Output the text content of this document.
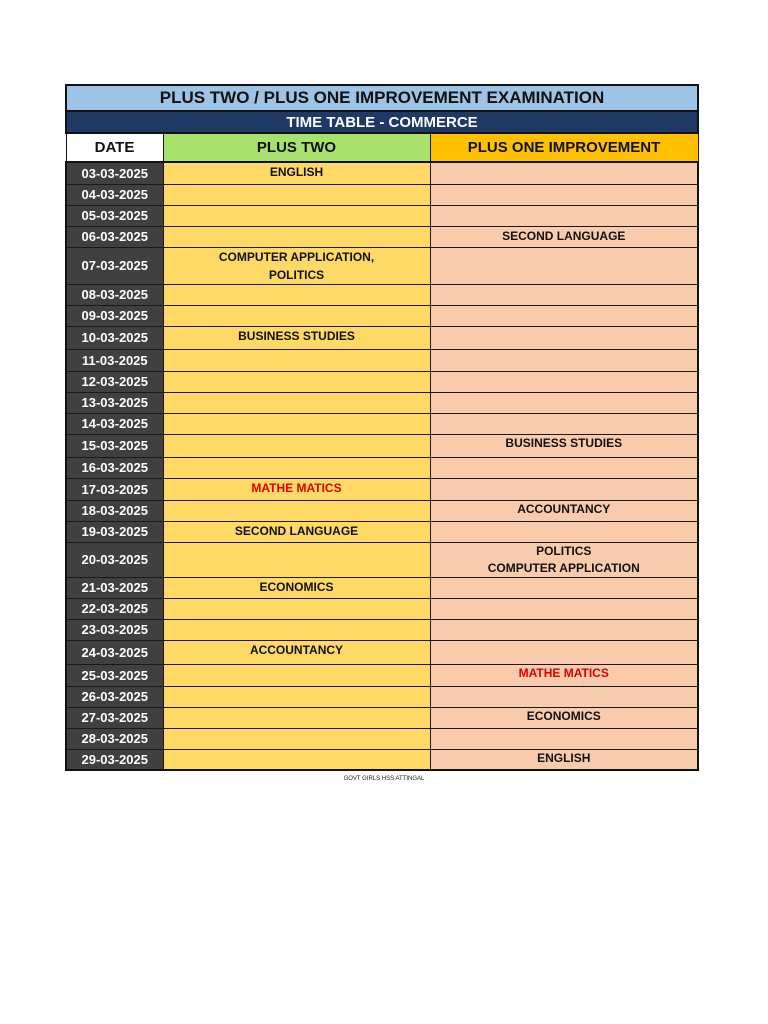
PLUS TWO / PLUS ONE IMPROVEMENT EXAMINATION		
TIME TABLE - COMMERCE		
DATE	PLUS TWO	PLUS ONE IMPROVEMENT
03-03-2025	ENGLISH	
04-03-2025		
05-03-2025		
06-03-2025		SECOND LANGUAGE
07-03-2025	COMPUTER APPLICATION,
POLITICS	
08-03-2025		
09-03-2025		
10-03-2025	BUSINESS STUDIES	
11-03-2025		
12-03-2025		
13-03-2025		
14-03-2025		
15-03-2025		BUSINESS STUDIES
16-03-2025		
17-03-2025	MATHE MATICS	
18-03-2025		ACCOUNTANCY
19-03-2025	SECOND LANGUAGE	
20-03-2025		POLITICS
COMPUTER APPLICATION
21-03-2025	ECONOMICS	
22-03-2025		
23-03-2025		
24-03-2025	ACCOUNTANCY	
25-03-2025		MATHE MATICS
26-03-2025		
27-03-2025		ECONOMICS
28-03-2025		
29-03-2025		ENGLISH
GOVT GIRLS HSS ATTINGAL
